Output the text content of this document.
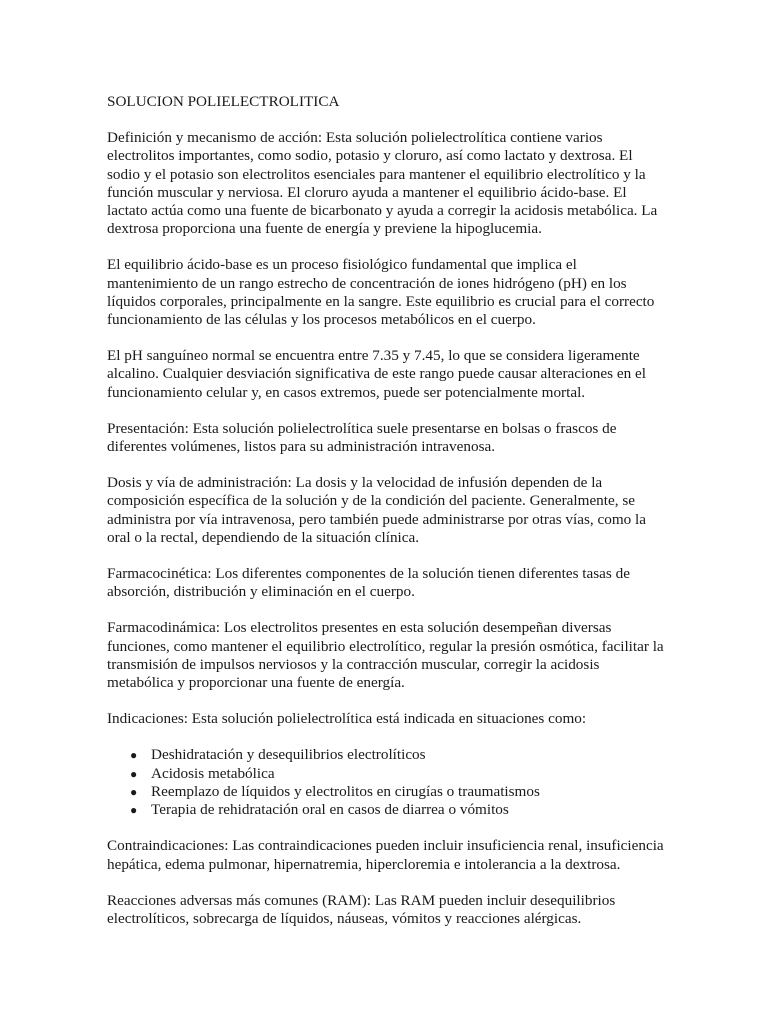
SOLUCION POLIELECTROLITICA

Definición y mecanismo de acción: Esta solución polielectrolítica contiene varios electrolitos importantes, como sodio, potasio y cloruro, así como lactato y dextrosa. El sodio y el potasio son electrolitos esenciales para mantener el equilibrio electrolítico y la función muscular y nerviosa. El cloruro ayuda a mantener el equilibrio ácido-base. El lactato actúa como una fuente de bicarbonato y ayuda a corregir la acidosis metabólica. La dextrosa proporciona una fuente de energía y previene la hipoglucemia.

El equilibrio ácido-base es un proceso fisiológico fundamental que implica el mantenimiento de un rango estrecho de concentración de iones hidrógeno (pH) en los líquidos corporales, principalmente en la sangre. Este equilibrio es crucial para el correcto funcionamiento de las células y los procesos metabólicos en el cuerpo.

El pH sanguíneo normal se encuentra entre 7.35 y 7.45, lo que se considera ligeramente alcalino. Cualquier desviación significativa de este rango puede causar alteraciones en el funcionamiento celular y, en casos extremos, puede ser potencialmente mortal.

Presentación: Esta solución polielectrolítica suele presentarse en bolsas o frascos de diferentes volúmenes, listos para su administración intravenosa.

Dosis y vía de administración: La dosis y la velocidad de infusión dependen de la composición específica de la solución y de la condición del paciente. Generalmente, se administra por vía intravenosa, pero también puede administrarse por otras vías, como la oral o la rectal, dependiendo de la situación clínica.

Farmacocinética: Los diferentes componentes de la solución tienen diferentes tasas de absorción, distribución y eliminación en el cuerpo.

Farmacodinámica: Los electrolitos presentes en esta solución desempeñan diversas funciones, como mantener el equilibrio electrolítico, regular la presión osmótica, facilitar la transmisión de impulsos nerviosos y la contracción muscular, corregir la acidosis metabólica y proporcionar una fuente de energía.

Indicaciones: Esta solución polielectrolítica está indicada en situaciones como:

● Deshidratación y desequilibrios electrolíticos
● Acidosis metabólica
● Reemplazo de líquidos y electrolitos en cirugías o traumatismos
● Terapia de rehidratación oral en casos de diarrea o vómitos

Contraindicaciones: Las contraindicaciones pueden incluir insuficiencia renal, insuficiencia hepática, edema pulmonar, hipernatremia, hipercloremia e intolerancia a la dextrosa.

Reacciones adversas más comunes (RAM): Las RAM pueden incluir desequilibrios electrolíticos, sobrecarga de líquidos, náuseas, vómitos y reacciones alérgicas.
